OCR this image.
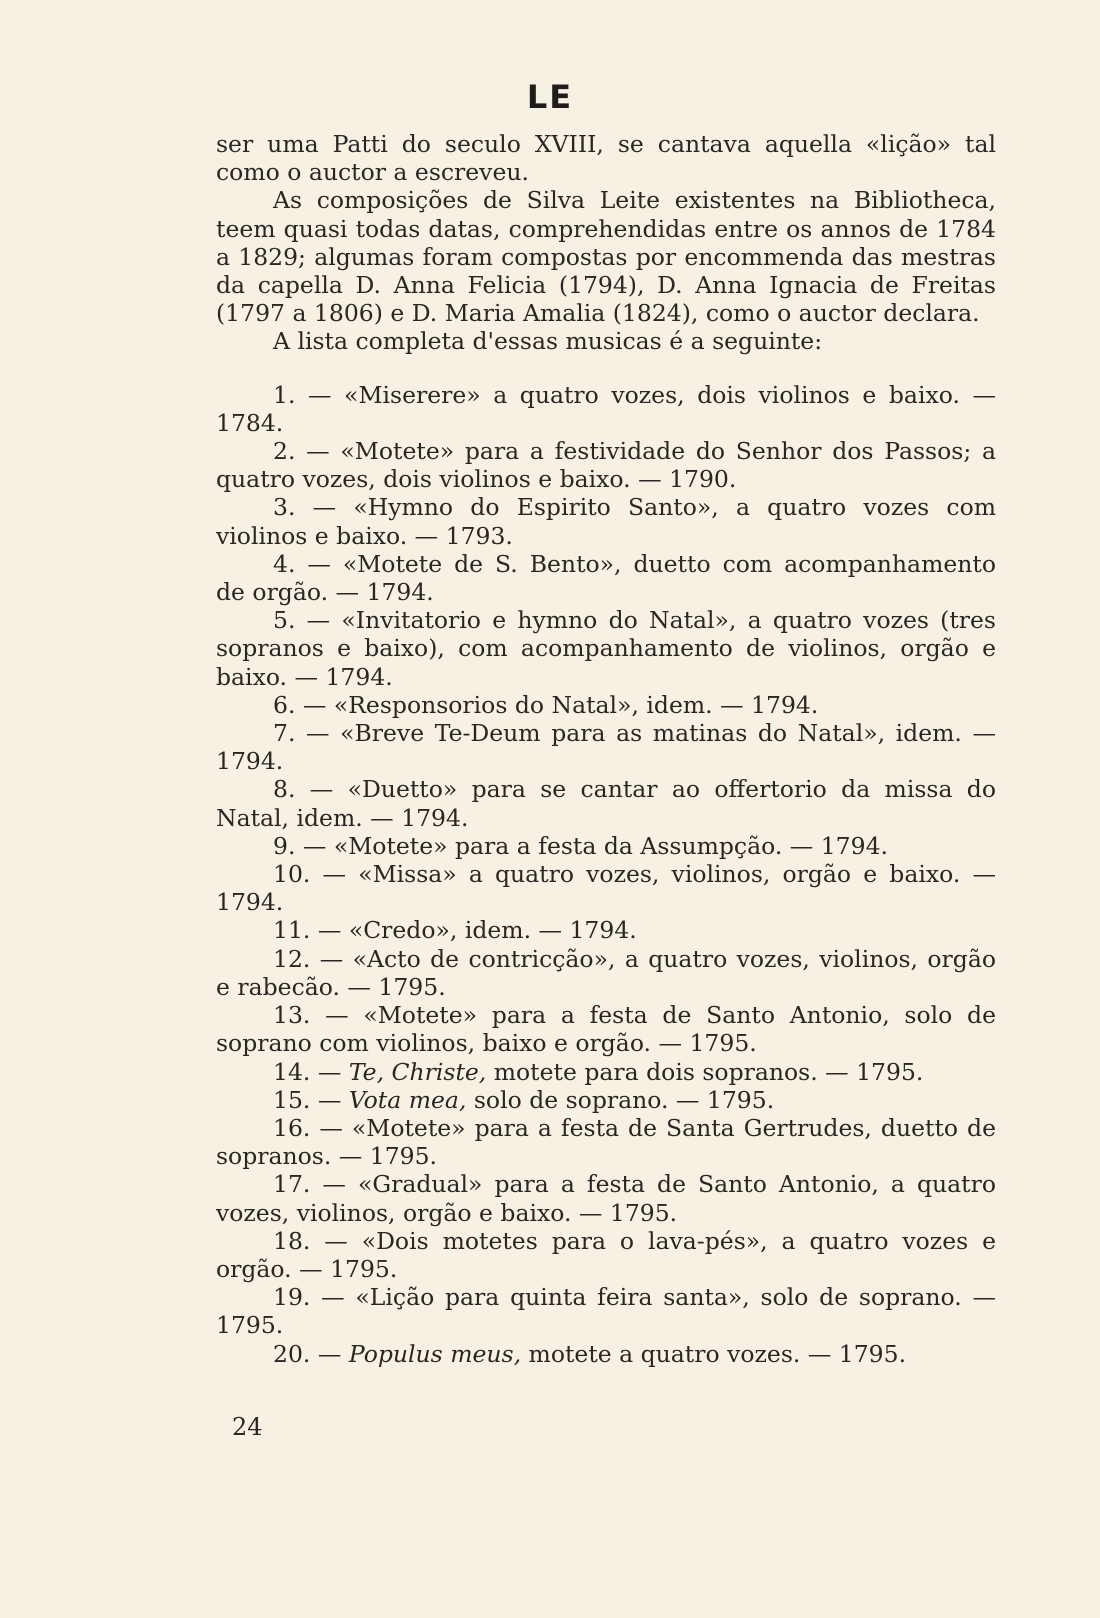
LE

ser uma Patti do seculo XVIII, se cantava aquella «lição» tal como o auctor a escreveu.

As composições de Silva Leite existentes na Bibliotheca, teem quasi todas datas, comprehendidas entre os annos de 1784 a 1829; algumas foram compostas por encommenda das mestras da capella D. Anna Felicia (1794), D. Anna Ignacia de Freitas (1797 a 1806) e D. Maria Amalia (1824), como o auctor declara.

A lista completa d'essas musicas é a seguinte:

1. — «Miserere» a quatro vozes, dois violinos e baixo. — 1784.

2. — «Motete» para a festividade do Senhor dos Passos; a quatro vozes, dois violinos e baixo. — 1790.

3. — «Hymno do Espirito Santo», a quatro vozes com violinos e baixo. — 1793.

4. — «Motete de S. Bento», duetto com acompanhamento de orgão. — 1794.

5. — «Invitatorio e hymno do Natal», a quatro vozes (tres sopranos e baixo), com acompanhamento de violinos, orgão e baixo. — 1794.

6. — «Responsorios do Natal», idem. — 1794.

7. — «Breve Te-Deum para as matinas do Natal», idem. — 1794.

8. — «Duetto» para se cantar ao offertorio da missa do Natal, idem. — 1794.

9. — «Motete» para a festa da Assumpção. — 1794.

10. — «Missa» a quatro vozes, violinos, orgão e baixo. — 1794.

11. — «Credo», idem. — 1794.

12. — «Acto de contricção», a quatro vozes, violinos, orgão e rabecão. — 1795.

13. — «Motete» para a festa de Santo Antonio, solo de soprano com violinos, baixo e orgão. — 1795.

14. — Te, Christe, motete para dois sopranos. — 1795.

15. — Vota mea, solo de soprano. — 1795.

16. — «Motete» para a festa de Santa Gertrudes, duetto de sopranos. — 1795.

17. — «Gradual» para a festa de Santo Antonio, a quatro vozes, violinos, orgão e baixo. — 1795.

18. — «Dois motetes para o lava-pés», a quatro vozes e orgão. — 1795.

19. — «Lição para quinta feira santa», solo de soprano. — 1795.

20. — Populus meus, motete a quatro vozes. — 1795.

24
